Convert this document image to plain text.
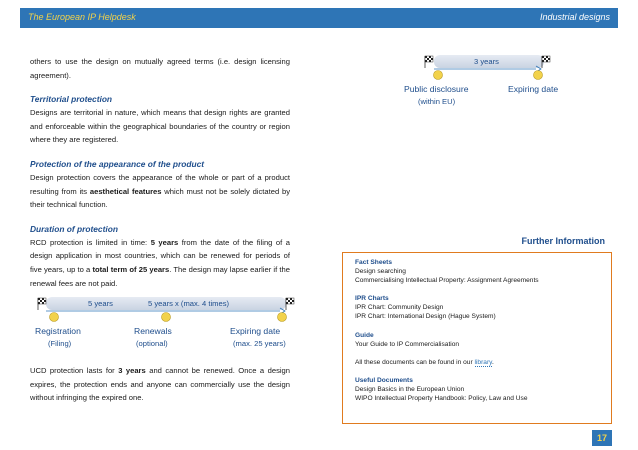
The European IP Helpdesk	Industrial designs

others to use the design on mutually agreed terms (i.e. design licensing agreement).

Territorial protection

Designs are territorial in nature, which means that design rights are granted and enforceable within the geographical boundaries of the country or region where they are registered.

Protection of the appearance of the product

Design protection covers the appearance of the whole or part of a product resulting from its aesthetical features which must not be solely dictated by their technical function.

Duration of protection

RCD protection is limited in time: 5 years from the date of the filing of a design application in most countries, which can be renewed for periods of five years, up to a total term of 25 years. The design may lapse earlier if the renewal fees are not paid.

5 years	5 years x (max. 4 times)
Registration
(Filing)
Renewals
(optional)
Expiring date
(max. 25 years)

UCD protection lasts for 3 years and cannot be renewed. Once a design expires, the protection ends and anyone can commercially use the design without infringing the expired one.

3 years
Public disclosure
(within EU)
Expiring date
Further Information
Fact Sheets
Design searching
Commercialising Intellectual Property: Assignment Agreements
IPR Charts
IPR Chart: Community Design
IPR Chart: International Design (Hague System)
Guide
Your Guide to IP Commercialisation
All these documents can be found in our library.
Useful Documents
Design Basics in the European Union
WIPO Intellectual Property Handbook: Policy, Law and Use
17
